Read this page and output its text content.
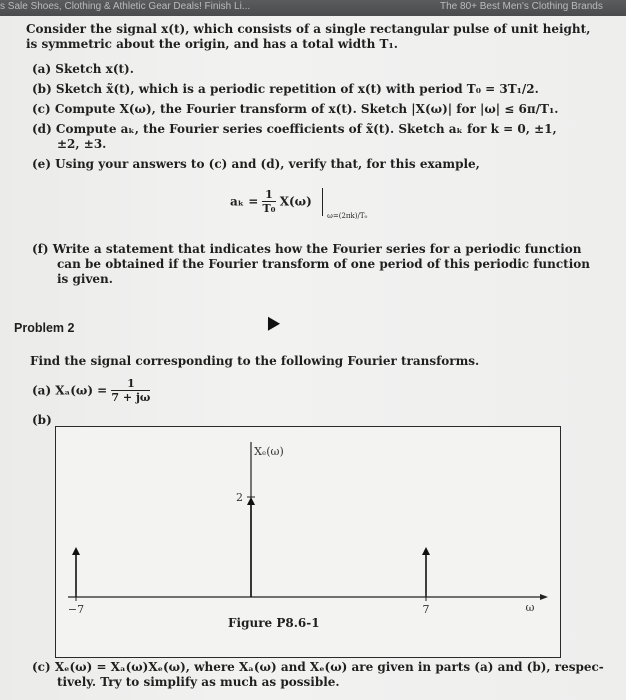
s Sale Shoes, Clothing & Athletic Gear Deals! Finish Li...	The 80+ Best Men's Clothing Brands
Consider the signal x(t), which consists of a single rectangular pulse of unit height,
is symmetric about the origin, and has a total width T₁.
(a) Sketch x(t).
(b) Sketch x̃(t), which is a periodic repetition of x(t) with period T₀ = 3T₁/2.
(c) Compute X(ω), the Fourier transform of x(t). Sketch |X(ω)| for |ω| ≤ 6π/T₁.
(d) Compute aₖ, the Fourier series coefficients of x̃(t). Sketch aₖ for k = 0, ±1,
±2, ±3.
(e) Using your answers to (c) and (d), verify that, for this example,
$a_k = \frac{1}{\text{T₀}} X(\omega)$  $_{\omega=(2\pi k)/T_0}$
(f) Write a statement that indicates how the Fourier series for a periodic function
can be obtained if the Fourier transform of one period of this periodic function
is given.
Problem 2
Find the signal corresponding to the following Fourier transforms.
(a) $X_a(\omega) = \frac{1}{7 + j\omega}$
(b)
−7	7
2
ω
Xₑ(ω)
Figure P8.6-1
(c) Xₑ(ω) = Xₐ(ω)Xₑ(ω), where Xₐ(ω) and Xₑ(ω) are given in parts (a) and (b), respec-
tively. Try to simplify as much as possible.
